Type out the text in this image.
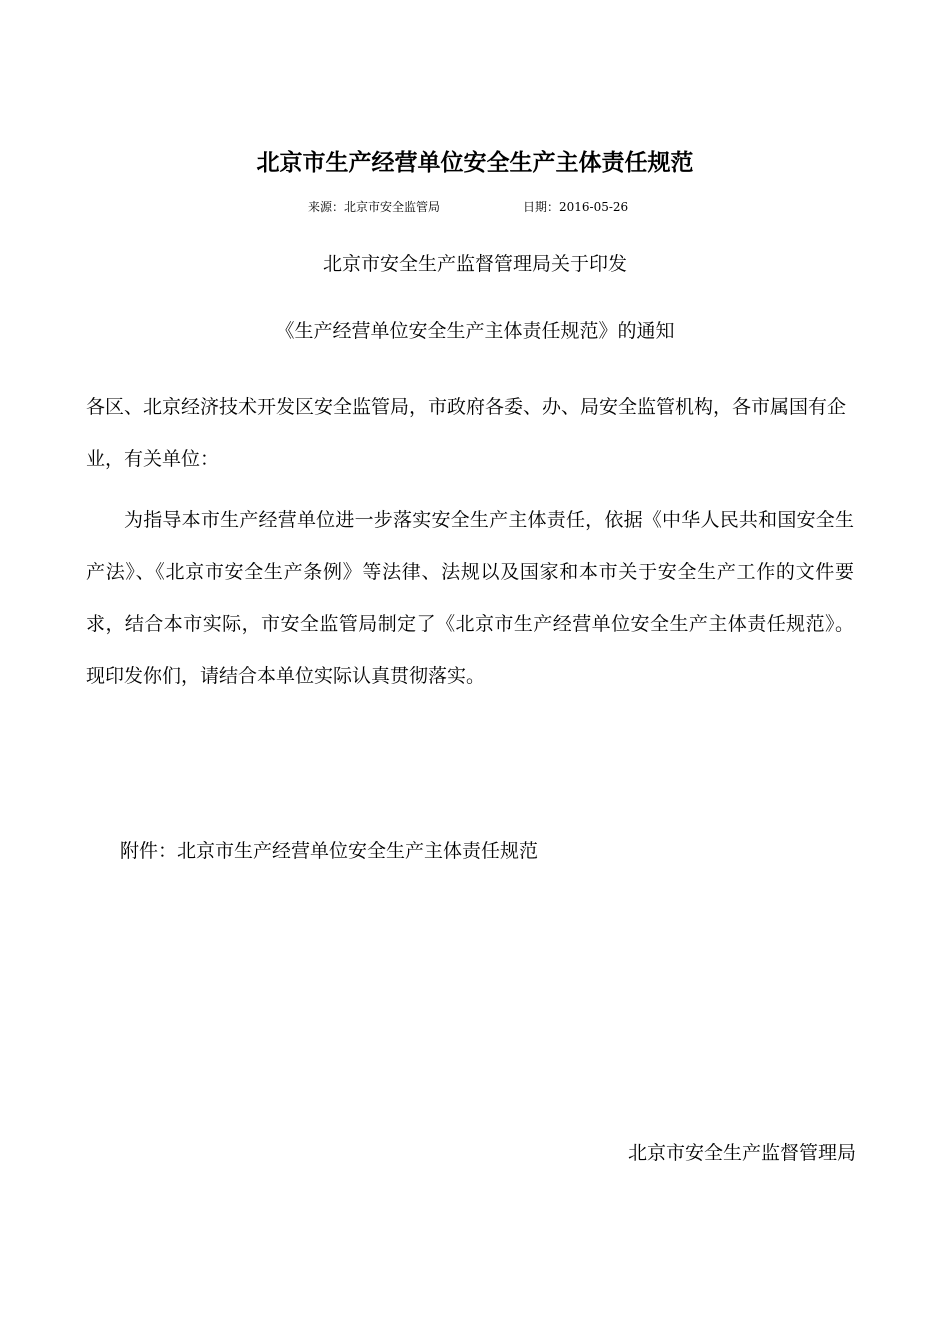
北京市生产经营单位安全生产主体责任规范
来源：北京市安全监管局	日期：2016-05-26
北京市安全生产监督管理局关于印发
《生产经营单位安全生产主体责任规范》的通知
各区、北京经济技术开发区安全监管局，市政府各委、办、局安全监管机构，各市属国有企业，有关单位：
为指导本市生产经营单位进一步落实安全生产主体责任，依据《中华人民共和国安全生产法》、《北京市安全生产条例》等法律、法规以及国家和本市关于安全生产工作的文件要求，结合本市实际，市安全监管局制定了《北京市生产经营单位安全生产主体责任规范》。现印发你们，请结合本单位实际认真贯彻落实。
附件：北京市生产经营单位安全生产主体责任规范
北京市安全生产监督管理局
